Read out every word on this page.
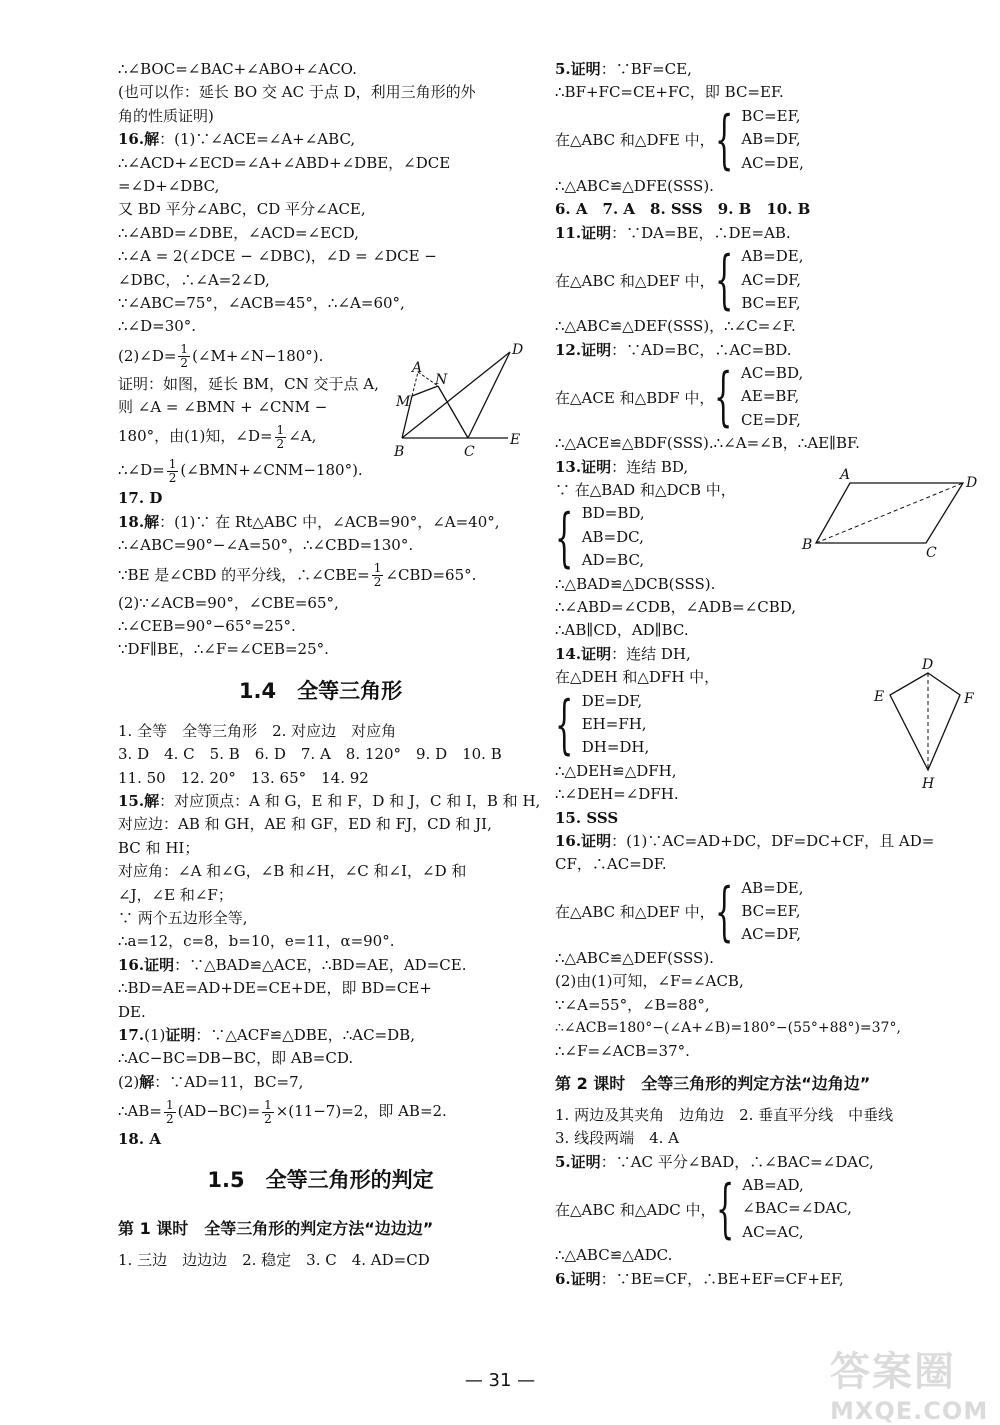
∴∠BOC=∠BAC+∠ABO+∠ACO.
(也可以作：延长 BO 交 AC 于点 D，利用三角形的外
角的性质证明)
16.解：(1)∵∠ACE=∠A+∠ABC,
∴∠ACD+∠ECD=∠A+∠ABD+∠DBE，∠DCE
=∠D+∠DBC,
又 BD 平分∠ABC，CD 平分∠ACE,
∴∠ABD=∠DBE，∠ACD=∠ECD,
∴∠A = 2(∠DCE − ∠DBC)，∠D = ∠DCE −
∠DBC，∴∠A=2∠D,
∵∠ABC=75°，∠ACB=45°，∴∠A=60°,
∴∠D=30°.
(2)∠D= $\frac{1}{2}$ (∠M+∠N−180°).
证明：如图，延长 BM，CN 交于点 A,
则 ∠A = ∠BMN + ∠CNM −
180°，由(1)知，∠D= $\frac{1}{2}$ ∠A,
∴∠D= $\frac{1}{2}$ (∠BMN+∠CNM−180°).
17. D
18.解：(1)∵ 在 Rt△ABC 中，∠ACB=90°，∠A=40°,
∴∠ABC=90°−∠A=50°，∴∠CBD=130°.
∵BE 是∠CBD 的平分线，∴∠CBE= $\frac{1}{2}$ ∠CBD=65°.
(2)∵∠ACB=90°，∠CBE=65°,
∴∠CEB=90°−65°=25°.
∵DF∥BE，∴∠F=∠CEB=25°.
1.4　全等三角形
1. 全等　全等三角形　2. 对应边　对应角
3. D　4. C　5. B　6. D　7. A　8. 120°　9. D　10. B
11. 50　12. 20°　13. 65°　14. 92
15.解：对应顶点：A 和 G，E 和 F，D 和 J，C 和 I，B 和 H,
对应边：AB 和 GH，AE 和 GF，ED 和 FJ，CD 和 JI,
BC 和 HI；
对应角：∠A 和∠G，∠B 和∠H，∠C 和∠I，∠D 和
∠J，∠E 和∠F；
∵ 两个五边形全等,
∴a=12，c=8，b=10，e=11，α=90°.
16.证明：∵△BAD≌△ACE，∴BD=AE，AD=CE.
∴BD=AE=AD+DE=CE+DE，即 BD=CE+
DE.
17.(1)证明：∵△ACF≌△DBE，∴AC=DB,
∴AC−BC=DB−BC，即 AB=CD.
(2)解：∵AD=11，BC=7,
∴AB= $\frac{1}{2} (AD-BC)= \frac{1}{2} \times(11-7)=2$，即 AB=2.
18. A
1.5　全等三角形的判定
第 1 课时　全等三角形的判定方法“边边边”
1. 三边　边边边　2. 稳定　3. C　4. AD=CD
5.证明：∵BF=CE,
∴BF+FC=CE+FC，即 BC=EF.
在△ABC 和△DFE 中， { BC=EF,
AB=DF,
AC=DE,
∴△ABC≌△DFE(SSS).
6. A　7. A　8. SSS　9. B　10. B
11.证明：∵DA=BE，∴DE=AB.
在△ABC 和△DEF 中， { AB=DE,
AC=DF,
BC=EF,
∴△ABC≌△DEF(SSS)，∴∠C=∠F.
12.证明：∵AD=BC，∴AC=BD.
在△ACE 和△BDF 中， { AC=BD,
AE=BF,
CE=DF,
∴△ACE≌△BDF(SSS).∴∠A=∠B，∴AE∥BF.
13.证明：连结 BD,
∵ 在△BAD 和△DCB 中，
{ BD=BD,
AB=DC,
AD=BC,
∴△BAD≌△DCB(SSS).
∴∠ABD=∠CDB，∠ADB=∠CBD,
∴AB∥CD，AD∥BC.
14.证明：连结 DH,
在△DEH 和△DFH 中，
{ DE=DF,
EH=FH,
DH=DH,
∴△DEH≌△DFH,
∴∠DEH=∠DFH.
15. SSS
16.证明：(1)∵AC=AD+DC，DF=DC+CF，且 AD=
CF，∴AC=DF.
在△ABC 和△DEF 中， { AB=DE,
BC=EF,
AC=DF,
∴△ABC≌△DEF(SSS).
(2)由(1)可知，∠F=∠ACB,
∵∠A=55°，∠B=88°,
∴∠ACB=180°−(∠A+∠B)=180°−(55°+88°)=37°,
∴∠F=∠ACB=37°.
第 2 课时　全等三角形的判定方法“边角边”
1. 两边及其夹角　边角边　2. 垂直平分线　中垂线
3. 线段两端　4. A
5.证明：∵AC 平分∠BAD，∴∠BAC=∠DAC,
在△ABC 和△ADC 中， { AB=AD,
∠BAC=∠DAC,
AC=AC,
∴△ABC≌△ADC.
6.证明：∵BE=CF，∴BE+EF=CF+EF,
A
M
N
D
B	C
E
A	D
B	C
D
E	F
H
— 31 —	答案圈
MXQE.COM
